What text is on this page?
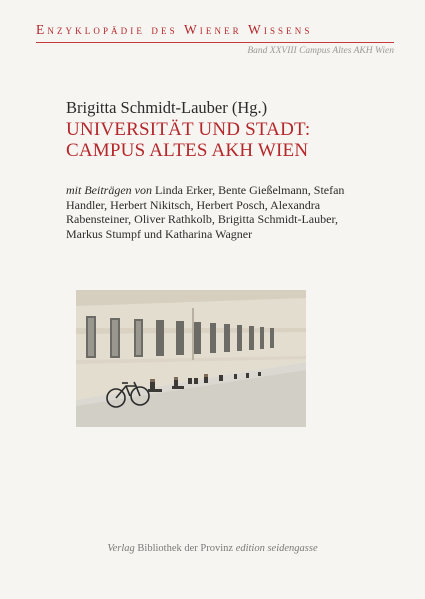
Enzyklopädie des Wiener Wissens
Band XXVIII Campus Altes AKH Wien
Brigitta Schmidt-Lauber (Hg.)
UNIVERSITÄT UND STADT:
CAMPUS ALTES AKH WIEN
mit Beiträgen von Linda Erker, Bente Gießelmann, Stefan Handler, Herbert Nikitsch, Herbert Posch, Alexandra Rabensteiner, Oliver Rathkolb, Brigitta Schmidt-Lauber, Markus Stumpf und Katharina Wagner
Verlag Bibliothek der Provinz edition seidengasse
